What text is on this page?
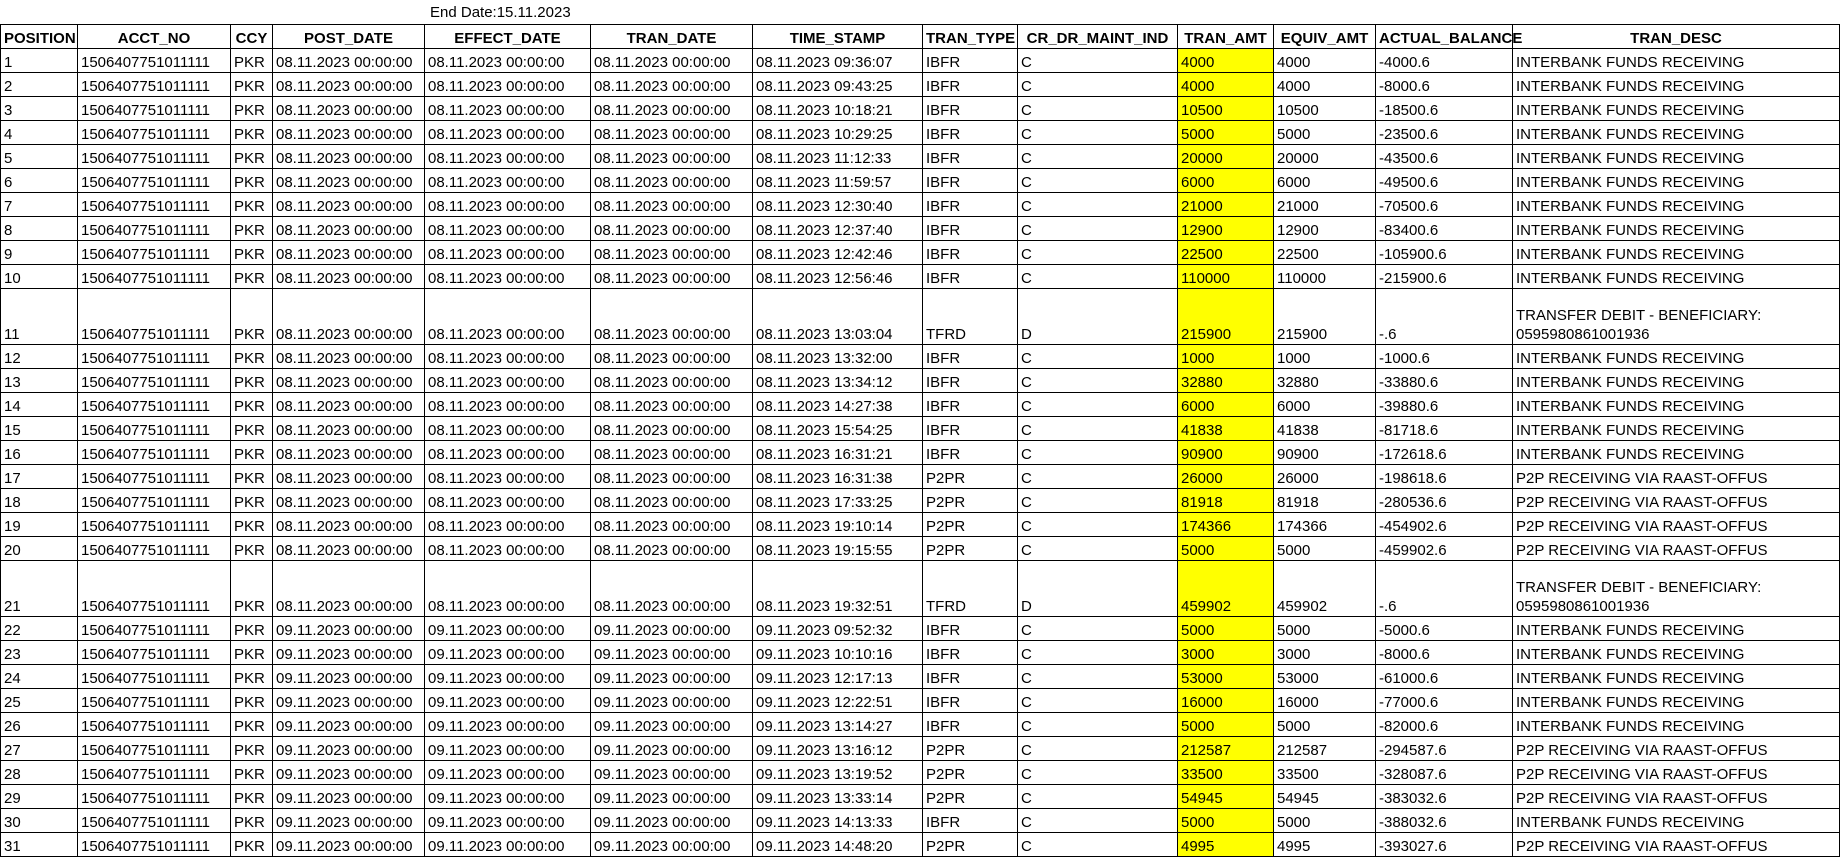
End Date:15.11.2023
POSITION	ACCT_NO	CCY	POST_DATE	EFFECT_DATE	TRAN_DATE	TIME_STAMP	TRAN_TYPE	CR_DR_MAINT_IND	TRAN_AMT	EQUIV_AMT	ACTUAL_BALANCE	TRAN_DESC
1	1506407751011111	PKR	08.11.2023 00:00:00	08.11.2023 00:00:00	08.11.2023 00:00:00	08.11.2023 09:36:07	IBFR	C	4000	4000	-4000.6	INTERBANK FUNDS RECEIVING
2	1506407751011111	PKR	08.11.2023 00:00:00	08.11.2023 00:00:00	08.11.2023 00:00:00	08.11.2023 09:43:25	IBFR	C	4000	4000	-8000.6	INTERBANK FUNDS RECEIVING
3	1506407751011111	PKR	08.11.2023 00:00:00	08.11.2023 00:00:00	08.11.2023 00:00:00	08.11.2023 10:18:21	IBFR	C	10500	10500	-18500.6	INTERBANK FUNDS RECEIVING
4	1506407751011111	PKR	08.11.2023 00:00:00	08.11.2023 00:00:00	08.11.2023 00:00:00	08.11.2023 10:29:25	IBFR	C	5000	5000	-23500.6	INTERBANK FUNDS RECEIVING
5	1506407751011111	PKR	08.11.2023 00:00:00	08.11.2023 00:00:00	08.11.2023 00:00:00	08.11.2023 11:12:33	IBFR	C	20000	20000	-43500.6	INTERBANK FUNDS RECEIVING
6	1506407751011111	PKR	08.11.2023 00:00:00	08.11.2023 00:00:00	08.11.2023 00:00:00	08.11.2023 11:59:57	IBFR	C	6000	6000	-49500.6	INTERBANK FUNDS RECEIVING
7	1506407751011111	PKR	08.11.2023 00:00:00	08.11.2023 00:00:00	08.11.2023 00:00:00	08.11.2023 12:30:40	IBFR	C	21000	21000	-70500.6	INTERBANK FUNDS RECEIVING
8	1506407751011111	PKR	08.11.2023 00:00:00	08.11.2023 00:00:00	08.11.2023 00:00:00	08.11.2023 12:37:40	IBFR	C	12900	12900	-83400.6	INTERBANK FUNDS RECEIVING
9	1506407751011111	PKR	08.11.2023 00:00:00	08.11.2023 00:00:00	08.11.2023 00:00:00	08.11.2023 12:42:46	IBFR	C	22500	22500	-105900.6	INTERBANK FUNDS RECEIVING
10	1506407751011111	PKR	08.11.2023 00:00:00	08.11.2023 00:00:00	08.11.2023 00:00:00	08.11.2023 12:56:46	IBFR	C	110000	110000	-215900.6	INTERBANK FUNDS RECEIVING
11	1506407751011111	PKR	08.11.2023 00:00:00	08.11.2023 00:00:00	08.11.2023 00:00:00	08.11.2023 13:03:04	TFRD	D	215900	215900	-.6	TRANSFER DEBIT - BENEFICIARY: 0595980861001936
12	1506407751011111	PKR	08.11.2023 00:00:00	08.11.2023 00:00:00	08.11.2023 00:00:00	08.11.2023 13:32:00	IBFR	C	1000	1000	-1000.6	INTERBANK FUNDS RECEIVING
13	1506407751011111	PKR	08.11.2023 00:00:00	08.11.2023 00:00:00	08.11.2023 00:00:00	08.11.2023 13:34:12	IBFR	C	32880	32880	-33880.6	INTERBANK FUNDS RECEIVING
14	1506407751011111	PKR	08.11.2023 00:00:00	08.11.2023 00:00:00	08.11.2023 00:00:00	08.11.2023 14:27:38	IBFR	C	6000	6000	-39880.6	INTERBANK FUNDS RECEIVING
15	1506407751011111	PKR	08.11.2023 00:00:00	08.11.2023 00:00:00	08.11.2023 00:00:00	08.11.2023 15:54:25	IBFR	C	41838	41838	-81718.6	INTERBANK FUNDS RECEIVING
16	1506407751011111	PKR	08.11.2023 00:00:00	08.11.2023 00:00:00	08.11.2023 00:00:00	08.11.2023 16:31:21	IBFR	C	90900	90900	-172618.6	INTERBANK FUNDS RECEIVING
17	1506407751011111	PKR	08.11.2023 00:00:00	08.11.2023 00:00:00	08.11.2023 00:00:00	08.11.2023 16:31:38	P2PR	C	26000	26000	-198618.6	P2P RECEIVING VIA RAAST-OFFUS
18	1506407751011111	PKR	08.11.2023 00:00:00	08.11.2023 00:00:00	08.11.2023 00:00:00	08.11.2023 17:33:25	P2PR	C	81918	81918	-280536.6	P2P RECEIVING VIA RAAST-OFFUS
19	1506407751011111	PKR	08.11.2023 00:00:00	08.11.2023 00:00:00	08.11.2023 00:00:00	08.11.2023 19:10:14	P2PR	C	174366	174366	-454902.6	P2P RECEIVING VIA RAAST-OFFUS
20	1506407751011111	PKR	08.11.2023 00:00:00	08.11.2023 00:00:00	08.11.2023 00:00:00	08.11.2023 19:15:55	P2PR	C	5000	5000	-459902.6	P2P RECEIVING VIA RAAST-OFFUS
21	1506407751011111	PKR	08.11.2023 00:00:00	08.11.2023 00:00:00	08.11.2023 00:00:00	08.11.2023 19:32:51	TFRD	D	459902	459902	-.6	TRANSFER DEBIT - BENEFICIARY: 0595980861001936
22	1506407751011111	PKR	09.11.2023 00:00:00	09.11.2023 00:00:00	09.11.2023 00:00:00	09.11.2023 09:52:32	IBFR	C	5000	5000	-5000.6	INTERBANK FUNDS RECEIVING
23	1506407751011111	PKR	09.11.2023 00:00:00	09.11.2023 00:00:00	09.11.2023 00:00:00	09.11.2023 10:10:16	IBFR	C	3000	3000	-8000.6	INTERBANK FUNDS RECEIVING
24	1506407751011111	PKR	09.11.2023 00:00:00	09.11.2023 00:00:00	09.11.2023 00:00:00	09.11.2023 12:17:13	IBFR	C	53000	53000	-61000.6	INTERBANK FUNDS RECEIVING
25	1506407751011111	PKR	09.11.2023 00:00:00	09.11.2023 00:00:00	09.11.2023 00:00:00	09.11.2023 12:22:51	IBFR	C	16000	16000	-77000.6	INTERBANK FUNDS RECEIVING
26	1506407751011111	PKR	09.11.2023 00:00:00	09.11.2023 00:00:00	09.11.2023 00:00:00	09.11.2023 13:14:27	IBFR	C	5000	5000	-82000.6	INTERBANK FUNDS RECEIVING
27	1506407751011111	PKR	09.11.2023 00:00:00	09.11.2023 00:00:00	09.11.2023 00:00:00	09.11.2023 13:16:12	P2PR	C	212587	212587	-294587.6	P2P RECEIVING VIA RAAST-OFFUS
28	1506407751011111	PKR	09.11.2023 00:00:00	09.11.2023 00:00:00	09.11.2023 00:00:00	09.11.2023 13:19:52	P2PR	C	33500	33500	-328087.6	P2P RECEIVING VIA RAAST-OFFUS
29	1506407751011111	PKR	09.11.2023 00:00:00	09.11.2023 00:00:00	09.11.2023 00:00:00	09.11.2023 13:33:14	P2PR	C	54945	54945	-383032.6	P2P RECEIVING VIA RAAST-OFFUS
30	1506407751011111	PKR	09.11.2023 00:00:00	09.11.2023 00:00:00	09.11.2023 00:00:00	09.11.2023 14:13:33	IBFR	C	5000	5000	-388032.6	INTERBANK FUNDS RECEIVING
31	1506407751011111	PKR	09.11.2023 00:00:00	09.11.2023 00:00:00	09.11.2023 00:00:00	09.11.2023 14:48:20	P2PR	C	4995	4995	-393027.6	P2P RECEIVING VIA RAAST-OFFUS
